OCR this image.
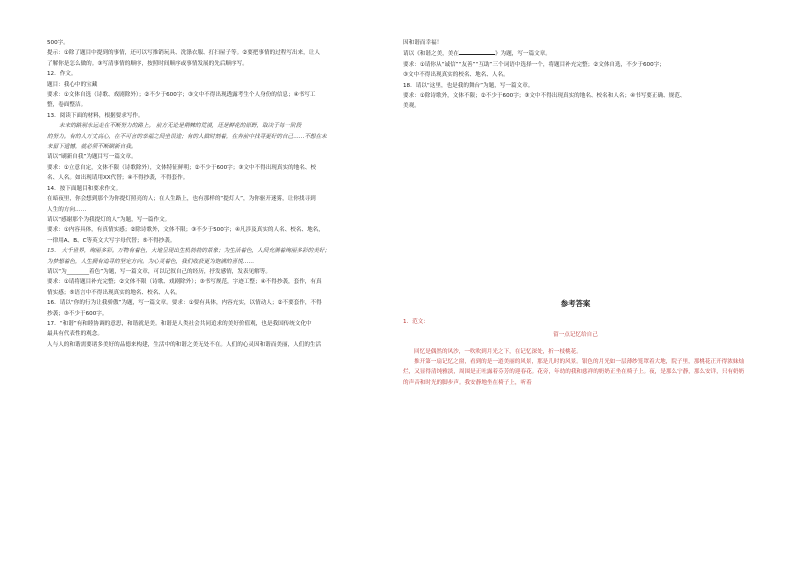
500字。
提示：①除了题目中提到的事情，还可以写推销玩具、洗涤衣服、打扫屋子等。②要把事情的过程写出来，让人
了解你是怎么做的。③写清事情的顺序，按照时间顺序或事情发展的先后顺序写。
12．作文。
题目：我心中的宝藏
要求：①文体自选（诗歌、戏剧除外）；②不少于600字；③文中不得出现透露考生个人身份的信息；④书写工
整，卷面整洁。
13．阅读下面的材料，根据要求写作。
未来的路别永远走在不断努力的路上。 前方无论是荆棘的荒漠，还是鲜花的原野，取决于每一阶段
的努力。有的人万丈高心，在不可言的幸福之间坐误途；有的人做时刻着，在奔前中找寻更好的自己……不想在未
来留下遗憾，就必须不断刷新自我。
请以“刷新自我”为题目写一篇文章。
要求：①立意自定，文体不限（诗歌除外），文体特征鲜明；②不少于600字；③文中不得出现真实的地名、校
名、人名。如出现请用XX代替；④不得抄袭，不得套作。
14．按下面题目和要求作文。
在暗夜里，你会想到那个为你提灯照亮的人；在人生路上，也有那样的“提灯人”，为你驱开迷雾，让你找寻到
人生的方向……
请以“感谢那个为我提灯的人”为题，写一篇作文。
要求：①内容具体，有真情实感；②除诗歌外，文体不限；③不少于500字；④凡涉及真实的人名、校名、地名，
一律用A、B、C等英文大写字母代替；⑤不得抄袭。
15． 大千世界，绚丽多彩。万物有着色，大地呈现出生机勃勃的景象；为生活着色，人间充满着绚丽多彩的美好；
为梦想着色，人生拥有追寻的坚定方向。为心灵着色，我们收获更为饱满的喜悦……
请以“为________着色”为题，写一篇文章，可以记叙自己的经历，抒发感情，发表见解等。
要求：①请将题目补充完整；②文体不限（诗歌、戏剧除外）；③书写规范，字迹工整；④不得抄袭，套作，有真
情实感；⑤语言中不得出现真实的地名、校名、人名。
16．请以“你的行为让我骄傲”为题，写一篇文章。要求：①要有具体，内容充实，以情动人；②不要套作，不得
抄袭；③不少于600字。
17．“和谐”有和睦协调的意思，和谐就是美。和谐是人类社会共同追求的美好价值观，也是我国传统文化中
最具有代表性的观念。
人与人的和谐需要诸多美好的品德来构建，生活中的和谐之美无处不在。人们的心灵因和谐而美丽，人们的生活
因和谐而幸福！
请以《和谐之美，美在	》为题，写一篇文章。
要求：①请你从“诚信”“友善”“互助”三个词语中选择一个，将题目补充完整；②文体自选，不少于600字；
③文中不得出现真实的校名、地名、人名。
18．请以“这里，也是我的舞台”为题，写一篇文章。
要求：①除诗歌外，文体不限；②不少于600字；③文中不得出现真实的地名、校名和人名；④书写要正确、规范、
美观。
参考答案
1．范文：
留一点记忆给自己
回忆是偶然的风沙，一吹吹到月光之下，在记忆深处，折一枝桃花。
推开第一扇记忆之窗，看到的是一道美丽的风景，那是儿时的风景。银色的月光如一层薄纱笼罩着大地，院子里，那桃花正开得浓妹灿烂，又显得清纯雅淡，周围是正吐露着芬芳的迎春花。花旁，年幼的我和慈祥的奶奶正坐在椅子上。夜，是那么宁静，那么安详，只有奶奶的声音和时光的脚步声。我安静地坐在椅子上，听着
